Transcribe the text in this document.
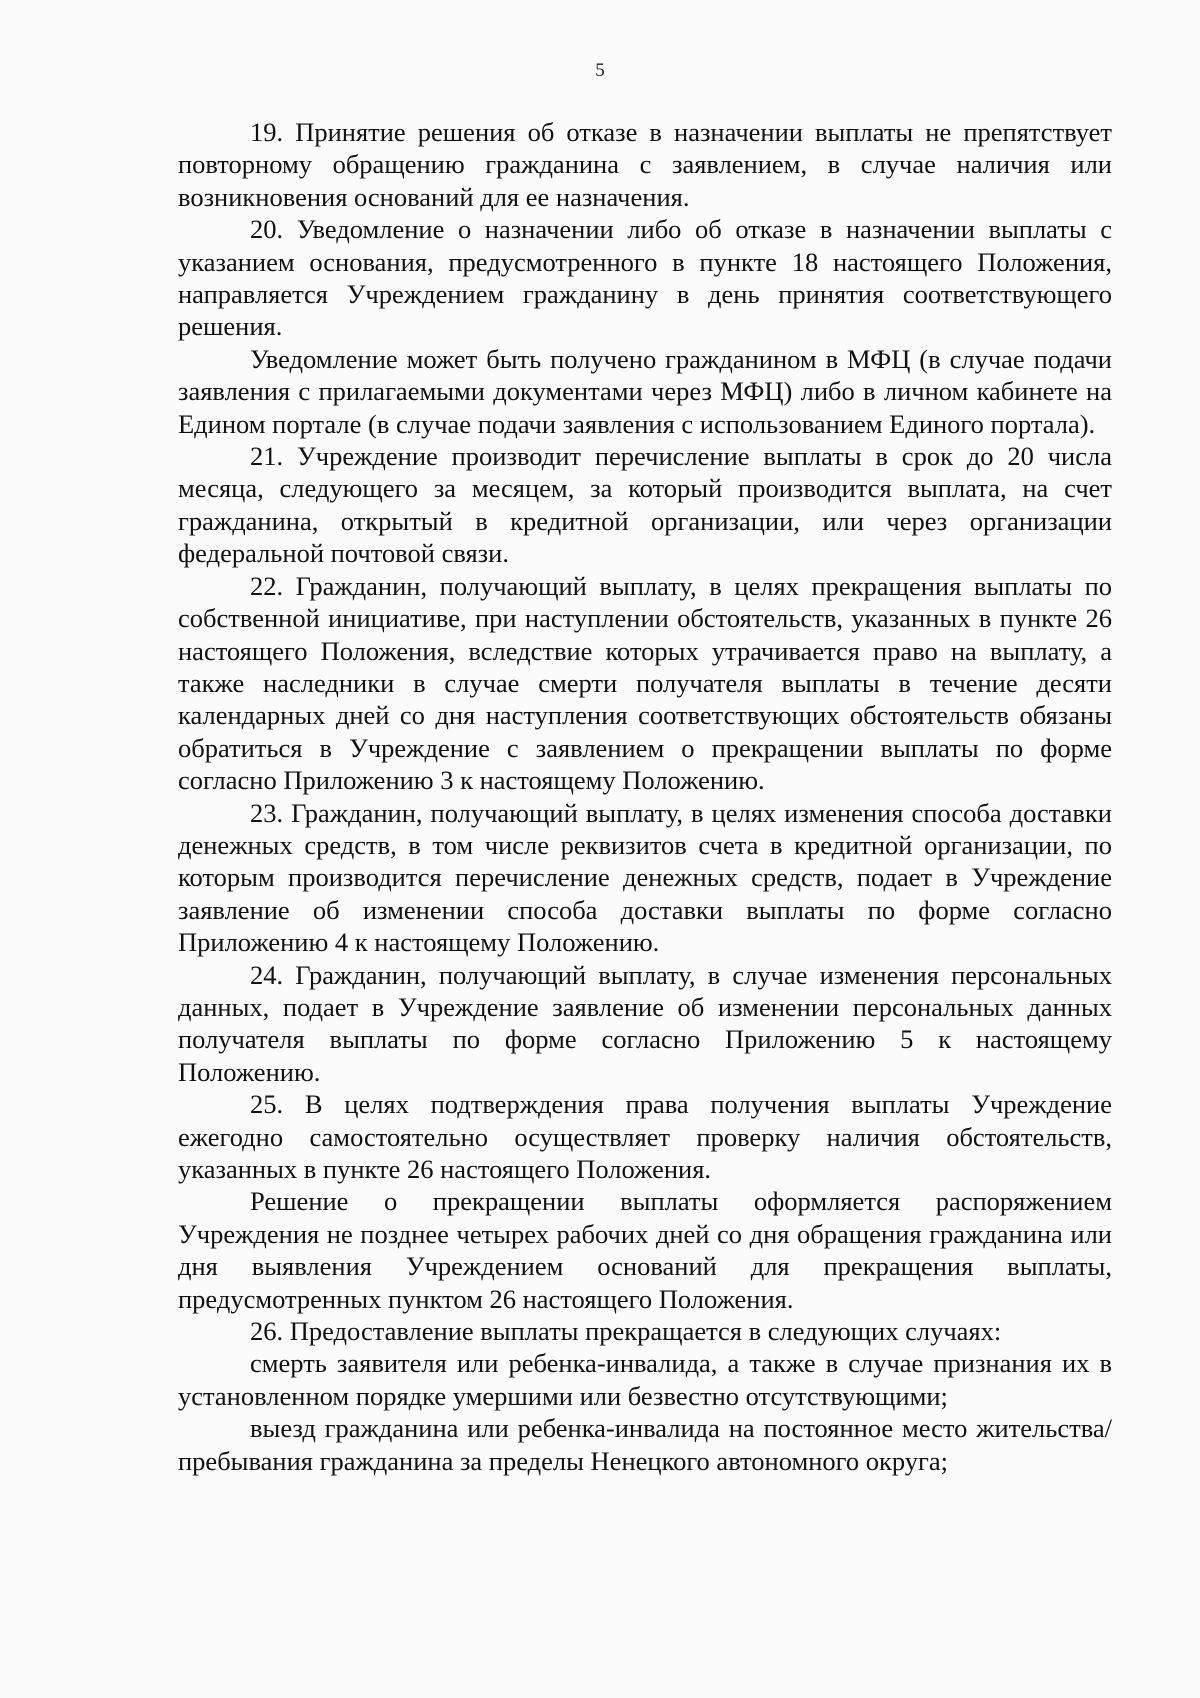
5

19. Принятие решения об отказе в назначении выплаты не препятствует повторному обращению гражданина с заявлением, в случае наличия или возникновения оснований для ее назначения.

20. Уведомление о назначении либо об отказе в назначении выплаты с указанием основания, предусмотренного в пункте 18 настоящего Положения, направляется Учреждением гражданину в день принятия соответствующего решения.

Уведомление может быть получено гражданином в МФЦ (в случае подачи заявления с прилагаемыми документами через МФЦ) либо в личном кабинете на Едином портале (в случае подачи заявления с использованием Единого портала).

21. Учреждение производит перечисление выплаты в срок до 20 числа месяца, следующего за месяцем, за который производится выплата, на счет гражданина, открытый в кредитной организации, или через организации федеральной почтовой связи.

22. Гражданин, получающий выплату, в целях прекращения выплаты по собственной инициативе, при наступлении обстоятельств, указанных в пункте 26 настоящего Положения, вследствие которых утрачивается право на выплату, а также наследники в случае смерти получателя выплаты в течение десяти календарных дней со дня наступления соответствующих обстоятельств обязаны обратиться в Учреждение с заявлением о прекращении выплаты по форме согласно Приложению 3 к настоящему Положению.

23. Гражданин, получающий выплату, в целях изменения способа доставки денежных средств, в том числе реквизитов счета в кредитной организации, по которым производится перечисление денежных средств, подает в Учреждение заявление об изменении способа доставки выплаты по форме согласно Приложению 4 к настоящему Положению.

24. Гражданин, получающий выплату, в случае изменения персональных данных, подает в Учреждение заявление об изменении персональных данных получателя выплаты по форме согласно Приложению 5 к настоящему Положению.

25. В целях подтверждения права получения выплаты Учреждение ежегодно самостоятельно осуществляет проверку наличия обстоятельств, указанных в пункте 26 настоящего Положения.

Решение о прекращении выплаты оформляется распоряжением Учреждения не позднее четырех рабочих дней со дня обращения гражданина или дня выявления Учреждением оснований для прекращения выплаты, предусмотренных пунктом 26 настоящего Положения.

26. Предоставление выплаты прекращается в следующих случаях:

смерть заявителя или ребенка-инвалида, а также в случае признания их в установленном порядке умершими или безвестно отсутствующими;

выезд гражданина или ребенка-инвалида на постоянное место жительства/пребывания гражданина за пределы Ненецкого автономного округа;
